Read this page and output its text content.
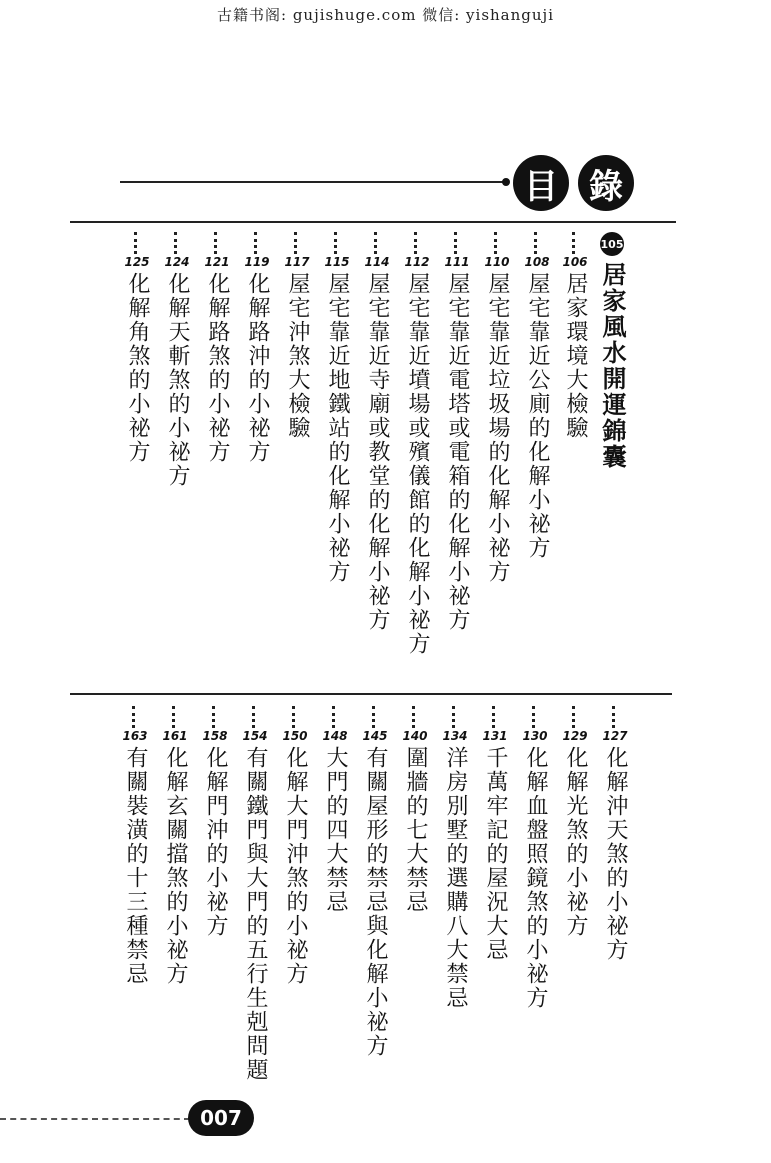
古籍书阁: gujishuge.com 微信: yishanguji
目 錄
105
居家風水開運錦囊
106
居家環境大檢驗
108
屋宅靠近公廁的化解小祕方
110
屋宅靠近垃圾場的化解小祕方
111
屋宅靠近電塔或電箱的化解小祕方
112
屋宅靠近墳場或殯儀館的化解小祕方
114
屋宅靠近寺廟或教堂的化解小祕方
115
屋宅靠近地鐵站的化解小祕方
117
屋宅沖煞大檢驗
119
化解路沖的小祕方
121
化解路煞的小祕方
124
化解天斬煞的小祕方
125
化解角煞的小祕方
127
化解沖天煞的小祕方
129
化解光煞的小祕方
130
化解血盤照鏡煞的小祕方
131
千萬牢記的屋況大忌
134
洋房別墅的選購八大禁忌
140
圍牆的七大禁忌
145
有關屋形的禁忌與化解小祕方
148
大門的四大禁忌
150
化解大門沖煞的小祕方
154
有關鐵門與大門的五行生剋問題
158
化解門沖的小祕方
161
化解玄關擋煞的小祕方
163
有關裝潢的十三種禁忌
007
